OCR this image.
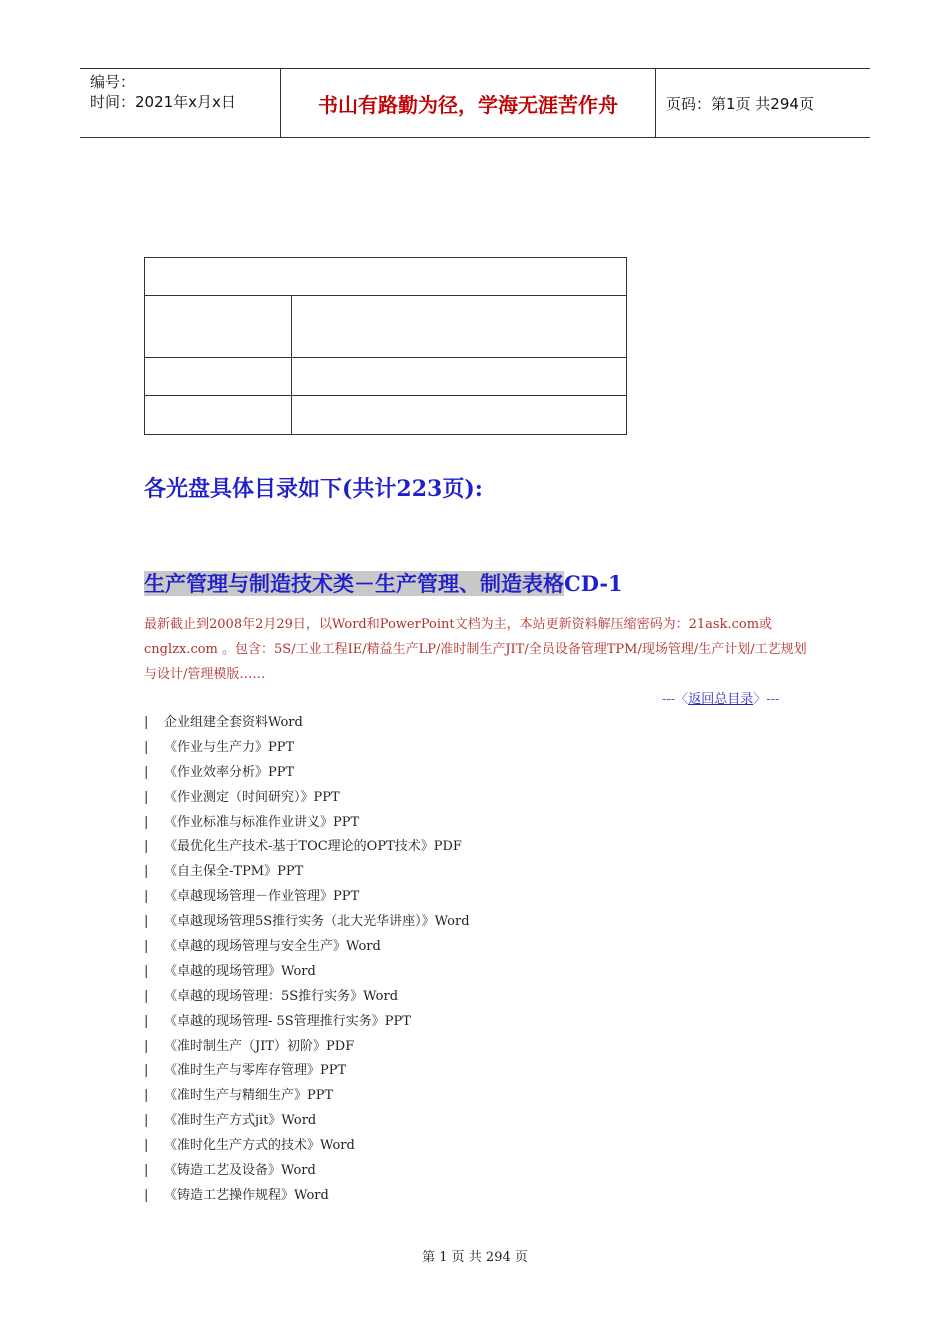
编号：
时间：2021年x月x日	书山有路勤为径，学海无涯苦作舟	页码：第1页 共294页

各光盘具体目录如下(共计223页):
生产管理与制造技术类－生产管理、制造表格CD-1

最新截止到2008年2月29日，以Word和PowerPoint文档为主，本站更新资料解压缩密码为：21ask.com或cnglzx.com 。包含：5S/工业工程IE/精益生产LP/准时制生产JIT/全员设备管理TPM/现场管理/生产计划/工艺规划与设计/管理模版……

---〈返回总目录〉---
| 企业组建全套资料Word
| 《作业与生产力》PPT
| 《作业效率分析》PPT
| 《作业测定（时间研究）》PPT
| 《作业标准与标准作业讲义》PPT
| 《最优化生产技术-基于TOC理论的OPT技术》PDF
| 《自主保全-TPM》PPT
| 《卓越现场管理－作业管理》PPT
| 《卓越现场管理5S推行实务（北大光华讲座）》Word
| 《卓越的现场管理与安全生产》Word
| 《卓越的现场管理》Word
| 《卓越的现场管理：5S推行实务》Word
| 《卓越的现场管理- 5S管理推行实务》PPT
| 《准时制生产（JIT）初阶》PDF
| 《准时生产与零库存管理》PPT
| 《准时生产与精细生产》PPT
| 《准时生产方式jit》Word
| 《准时化生产方式的技术》Word
| 《铸造工艺及设备》Word
| 《铸造工艺操作规程》Word
第 1 页 共 294 页
